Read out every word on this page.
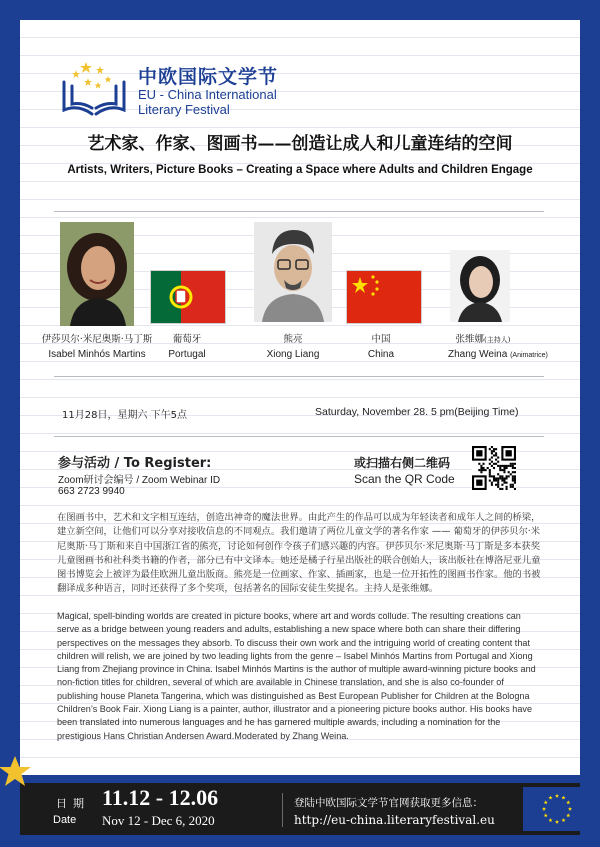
中欧国际文学节
EU - China International
Literary Festival
艺术家、作家、图画书——创造让成人和儿童连结的空间
Artists, Writers, Picture Books – Creating a Space where Adults and Children Engage
伊莎贝尔·米尼奥斯·马丁斯
Isabel Minhós Martins
葡萄牙
Portugal
熊亮
Xiong Liang
中国
China
张维娜(主持人)
Zhang Weina (Animatrice)
11月28日，星期六 下午5点	Saturday, November 28. 5 pm(Beijing Time)
参与活动 / To Register:
Zoom研讨会编号 / Zoom Webinar ID
663 2723 9940
或扫描右侧二维码
Scan the QR Code
在图画书中，艺术和文字相互连结，创造出神奇的魔法世界。由此产生的作品可以成为年轻读者和成年人之间的桥梁，建立新空间，让他们可以分享对接收信息的不同观点。我们邀请了两位儿童文学的著名作家 —— 葡萄牙的伊莎贝尔·米尼奥斯·马丁斯和来自中国浙江省的熊亮，讨论如何创作令孩子们感兴趣的内容。伊莎贝尔·米尼奥斯·马丁斯是多本获奖儿童图画书和社科类书籍的作者，部分已有中文译本。她还是橘子行星出版社的联合创始人，该出版社在博洛尼亚儿童图书博览会上被评为最佳欧洲儿童出版商。熊亮是一位画家、作家、插画家，也是一位开拓性的图画书作家。他的书被翻译成多种语言，同时还获得了多个奖项，包括著名的国际安徒生奖提名。主持人是张维娜。
Magical, spell-binding worlds are created in picture books, where art and words collude. The resulting creations can serve as a bridge between young readers and adults, establishing a new space where both can share their differing perspectives on the messages they absorb. To discuss their own work and the intriguing world of creating content that children will relish, we are joined by two leading lights from the genre – Isabel Minhós Martins from Portugal and Xiong Liang from Zhejiang province in China. Isabel Minhós Martins is the author of multiple award-winning picture books and non-fiction titles for children, several of which are available in Chinese translation, and she is also co-founder of publishing house Planeta Tangerina, which was distinguished as Best European Publisher for Children at the Bologna Children’s Book Fair. Xiong Liang is a painter, author, illustrator and a pioneering picture books author. His books have been translated into numerous languages and he has garnered multiple awards, including a nomination for the prestigious Hans Christian Andersen Award.Moderated by Zhang Weina.
日期
Date
11.12 - 12.06
Nov 12 - Dec 6, 2020
登陆中欧国际文学节官网获取更多信息：
http://eu-china.literaryfestival.eu
